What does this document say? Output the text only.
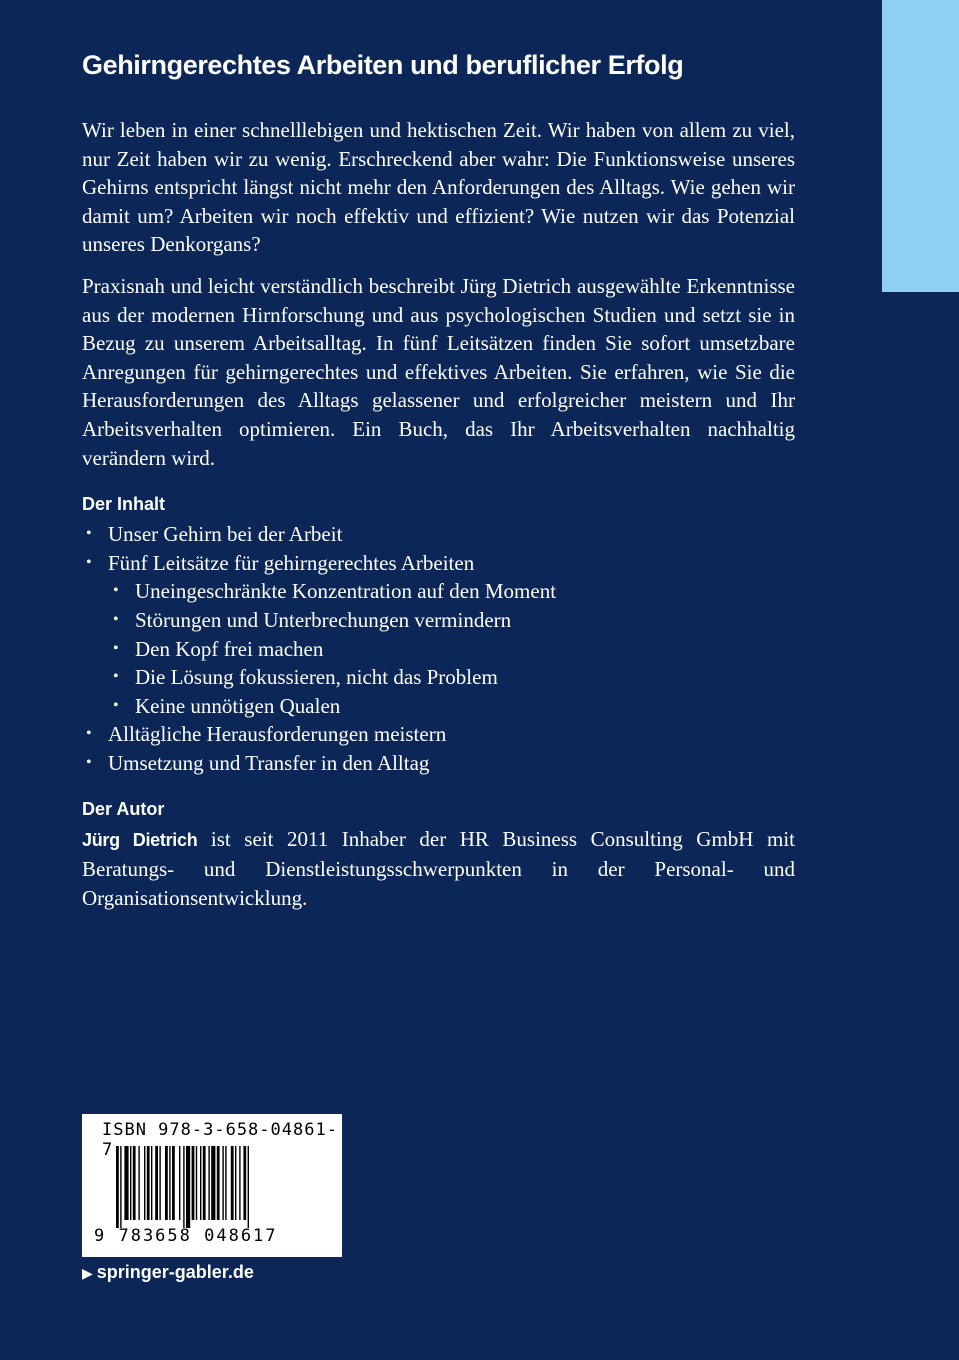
Gehirngerechtes Arbeiten und beruflicher Erfolg

Wir leben in einer schnelllebigen und hektischen Zeit. Wir haben von allem zu viel, nur Zeit haben wir zu wenig. Erschreckend aber wahr: Die Funktionsweise unseres Gehirns entspricht längst nicht mehr den Anforderungen des Alltags. Wie gehen wir damit um? Arbeiten wir noch effektiv und effizient? Wie nutzen wir das Potenzial unseres Denkorgans?

Praxisnah und leicht verständlich beschreibt Jürg Dietrich ausgewählte Erkenntnisse aus der modernen Hirnforschung und aus psychologischen Studien und setzt sie in Bezug zu unserem Arbeitsalltag. In fünf Leitsätzen finden Sie sofort umsetzbare Anregungen für gehirngerechtes und effektives Arbeiten. Sie erfahren, wie Sie die Herausforderungen des Alltags gelassener und erfolgreicher meistern und Ihr Arbeitsverhalten optimieren. Ein Buch, das Ihr Arbeitsverhalten nachhaltig verändern wird.

Der Inhalt
• Unser Gehirn bei der Arbeit
• Fünf Leitsätze für gehirngerechtes Arbeiten
• Uneingeschränkte Konzentration auf den Moment
• Störungen und Unterbrechungen vermindern
• Den Kopf frei machen
• Die Lösung fokussieren, nicht das Problem
• Keine unnötigen Qualen
• Alltägliche Herausforderungen meistern
• Umsetzung und Transfer in den Alltag
Der Autor

Jürg Dietrich ist seit 2011 Inhaber der HR Business Consulting GmbH mit Beratungs- und Dienstleistungsschwerpunkten in der Personal- und Organisationsentwicklung.

ISBN 978-3-658-04861-7
9 783658 048617
▶ springer-gabler.de
